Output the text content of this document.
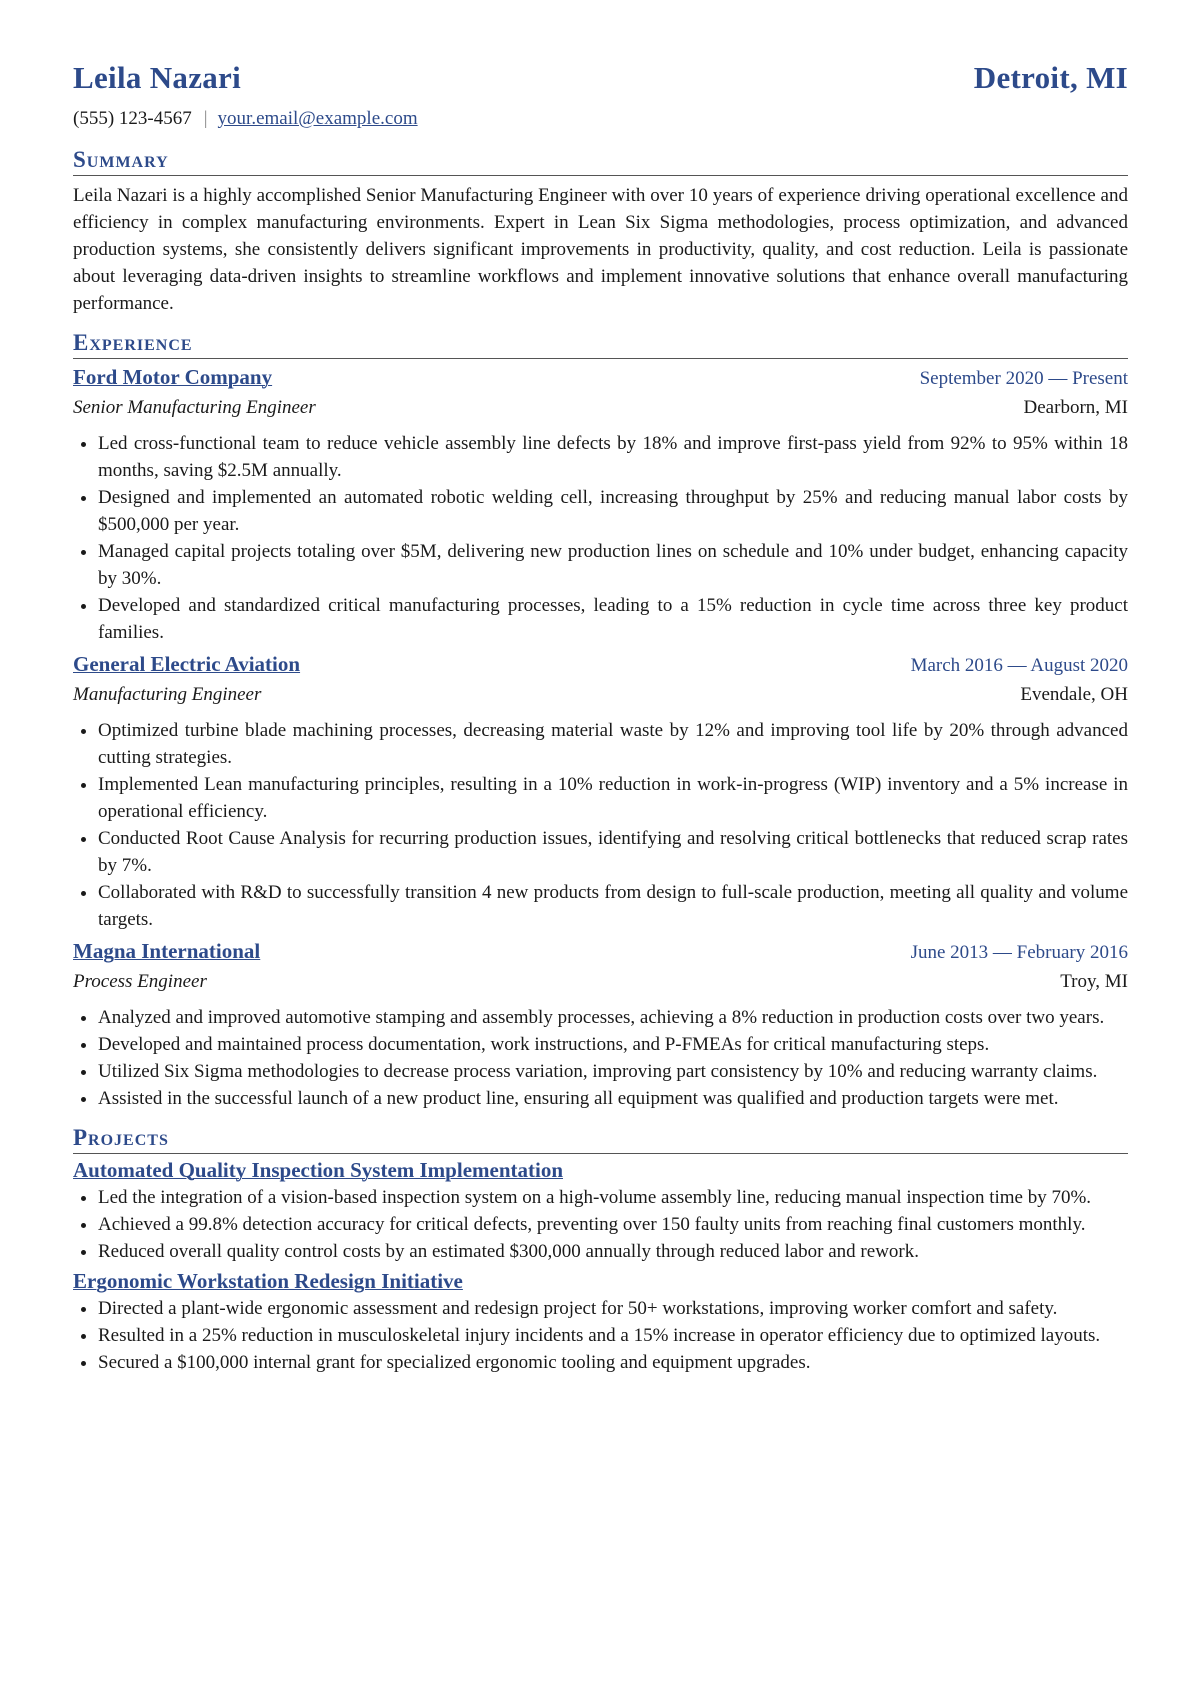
Leila Nazari	Detroit, MI
(555) 123-4567 | your.email@example.com
Summary
Leila Nazari is a highly accomplished Senior Manufacturing Engineer with over 10 years of experience driving operational excellence and efficiency in complex manufacturing environments. Expert in Lean Six Sigma methodologies, process optimization, and advanced production systems, she consistently delivers significant improvements in productivity, quality, and cost reduction. Leila is passionate about leveraging data-driven insights to streamline workflows and implement innovative solutions that enhance overall manufacturing performance.
Experience
Ford Motor Company	September 2020 — Present
Senior Manufacturing Engineer	Dearborn, MI
Led cross-functional team to reduce vehicle assembly line defects by 18% and improve first-pass yield from 92% to 95% within 18 months, saving $2.5M annually.
Designed and implemented an automated robotic welding cell, increasing throughput by 25% and reducing manual labor costs by $500,000 per year.
Managed capital projects totaling over $5M, delivering new production lines on schedule and 10% under budget, enhancing capacity by 30%.
Developed and standardized critical manufacturing processes, leading to a 15% reduction in cycle time across three key product families.
General Electric Aviation	March 2016 — August 2020
Manufacturing Engineer	Evendale, OH
Optimized turbine blade machining processes, decreasing material waste by 12% and improving tool life by 20% through advanced cutting strategies.
Implemented Lean manufacturing principles, resulting in a 10% reduction in work-in-progress (WIP) inventory and a 5% increase in operational efficiency.
Conducted Root Cause Analysis for recurring production issues, identifying and resolving critical bottlenecks that reduced scrap rates by 7%.
Collaborated with R&D to successfully transition 4 new products from design to full-scale production, meeting all quality and volume targets.
Magna International	June 2013 — February 2016
Process Engineer	Troy, MI
Analyzed and improved automotive stamping and assembly processes, achieving a 8% reduction in production costs over two years.
Developed and maintained process documentation, work instructions, and P-FMEAs for critical manufacturing steps.
Utilized Six Sigma methodologies to decrease process variation, improving part consistency by 10% and reducing warranty claims.
Assisted in the successful launch of a new product line, ensuring all equipment was qualified and production targets were met.
Projects
Automated Quality Inspection System Implementation
Led the integration of a vision-based inspection system on a high-volume assembly line, reducing manual inspection time by 70%.
Achieved a 99.8% detection accuracy for critical defects, preventing over 150 faulty units from reaching final customers monthly.
Reduced overall quality control costs by an estimated $300,000 annually through reduced labor and rework.
Ergonomic Workstation Redesign Initiative
Directed a plant-wide ergonomic assessment and redesign project for 50+ workstations, improving worker comfort and safety.
Resulted in a 25% reduction in musculoskeletal injury incidents and a 15% increase in operator efficiency due to optimized layouts.
Secured a $100,000 internal grant for specialized ergonomic tooling and equipment upgrades.
